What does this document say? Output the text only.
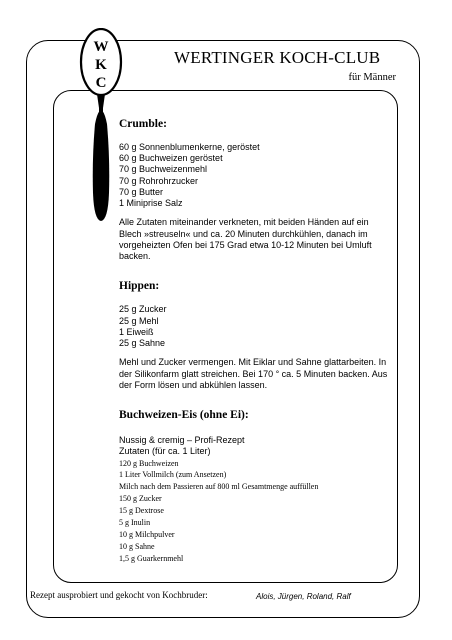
W
K
C
WERTINGER KOCH-CLUB
für Männer
Crumble:
60 g Sonnenblumenkerne, geröstet
60 g Buchweizen geröstet
70 g Buchweizenmehl
70 g Rohrohrzucker
70 g Butter
1 Miniprise Salz
Alle Zutaten miteinander verkneten, mit beiden Händen auf ein Blech »streuseln« und ca. 20 Minuten durchkühlen, danach im vorgeheizten Ofen bei 175 Grad etwa 10-12 Minuten bei Umluft backen.
Hippen:
25 g Zucker
25 g Mehl
1 Eiweiß
25 g Sahne
Mehl und Zucker vermengen. Mit Eiklar und Sahne glattarbeiten. In der Silikonfarm glatt streichen. Bei 170 ° ca. 5 Minuten backen. Aus der Form lösen und abkühlen lassen.
Buchweizen-Eis (ohne Ei):
Nussig & cremig – Profi-Rezept
Zutaten (für ca. 1 Liter)
120 g Buchweizen
1 Liter Vollmilch (zum Ansetzen)
Milch nach dem Passieren auf 800 ml Gesamtmenge auffüllen
150 g Zucker
15 g Dextrose
5 g Inulin
10 g Milchpulver
10 g Sahne
1,5 g Guarkernmehl
Rezept ausprobiert und gekocht von Kochbruder:	Alois, Jürgen, Roland, Ralf
